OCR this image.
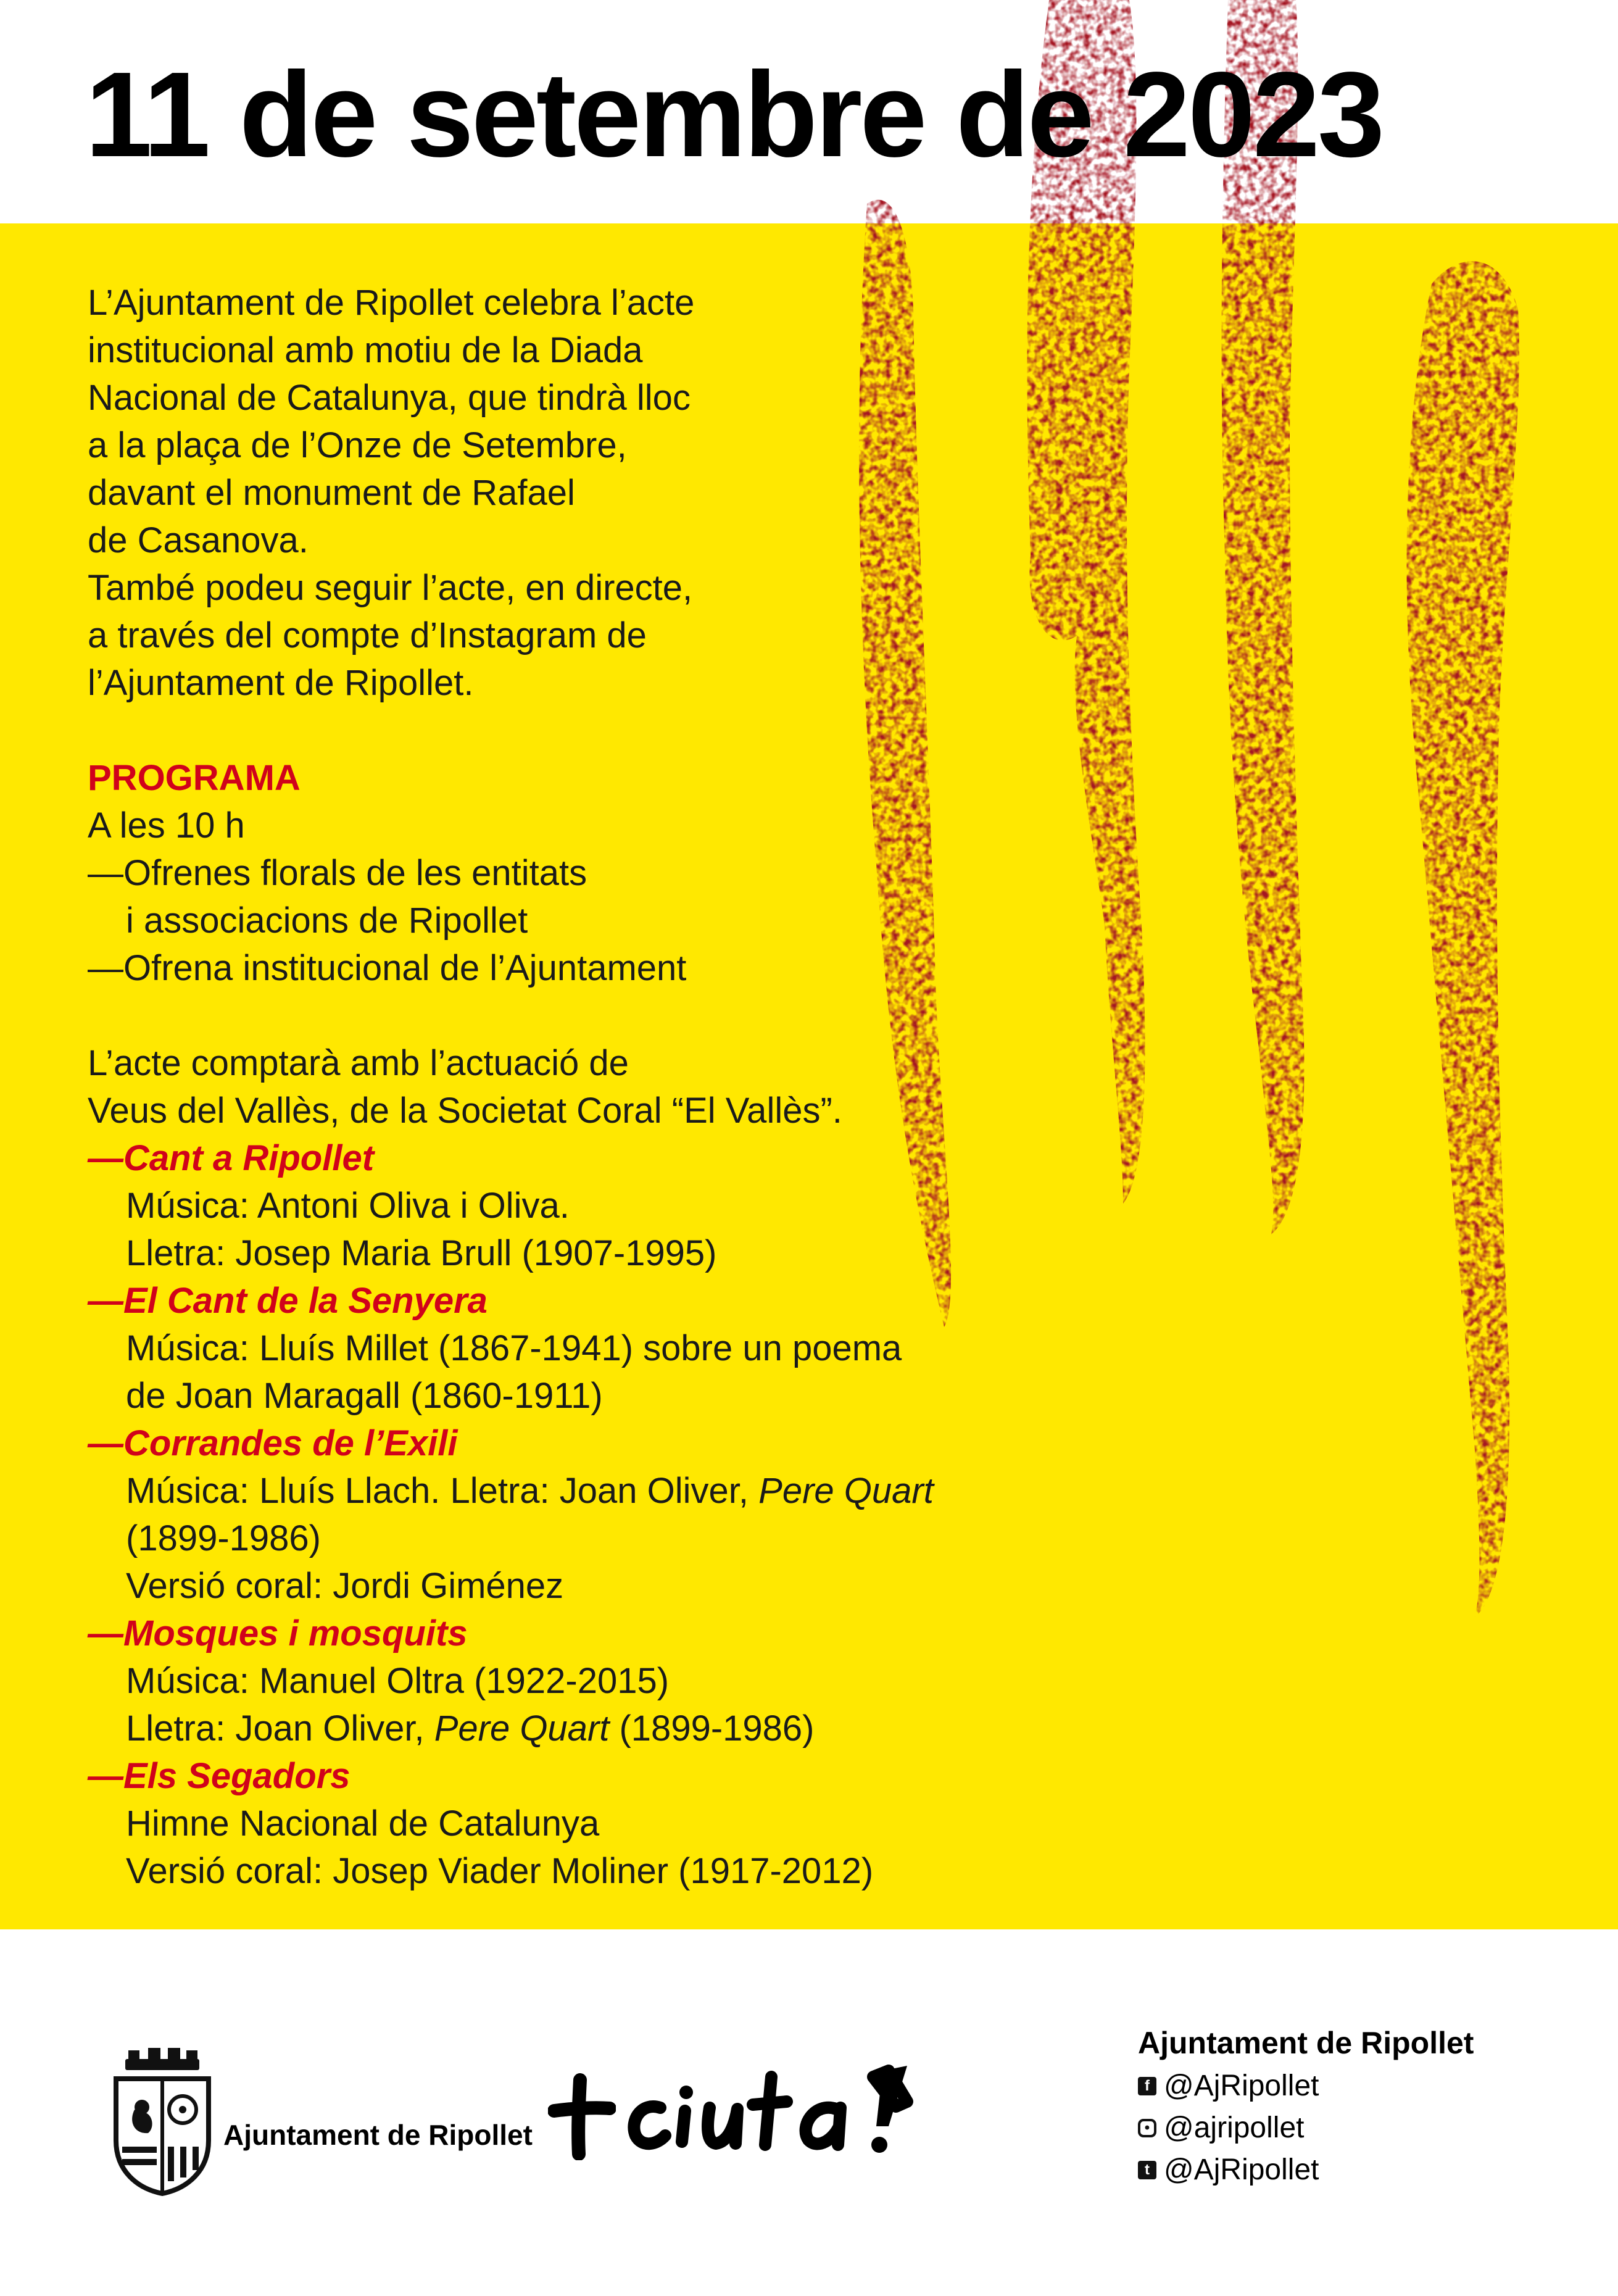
11 de setembre de 2023

L’Ajuntament de Ripollet celebra l’acte
institucional amb motiu de la Diada
Nacional de Catalunya, que tindrà lloc
a la plaça de l’Onze de Setembre,
davant el monument de Rafael
de Casanova.
També podeu seguir l’acte, en directe,
a través del compte d’Instagram de
l’Ajuntament de Ripollet.

PROGRAMA

A les 10 h
—Ofrenes florals de les entitats
i associacions de Ripollet
—Ofrena institucional de l’Ajuntament

L’acte comptarà amb l’actuació de
Veus del Vallès, de la Societat Coral “El Vallès”.

—Cant a Ripollet
Música: Antoni Oliva i Oliva.
Lletra: Josep Maria Brull (1907-1995)
—El Cant de la Senyera
Música: Lluís Millet (1867-1941) sobre un poema
de Joan Maragall (1860-1911)
—Corrandes de l’Exili
Música: Lluís Llach. Lletra: Joan Oliver, Pere Quart
(1899-1986)
Versió coral: Jordi Giménez
—Mosques i mosquits
Música: Manuel Oltra (1922-2015)
Lletra: Joan Oliver, Pere Quart (1899-1986)
—Els Segadors
Himne Nacional de Catalunya
Versió coral: Josep Viader Moliner (1917-2012)
Ajuntament de Ripollet
Ajuntament de Ripollet
f @AjRipollet
• @ajripollet
t @AjRipollet
